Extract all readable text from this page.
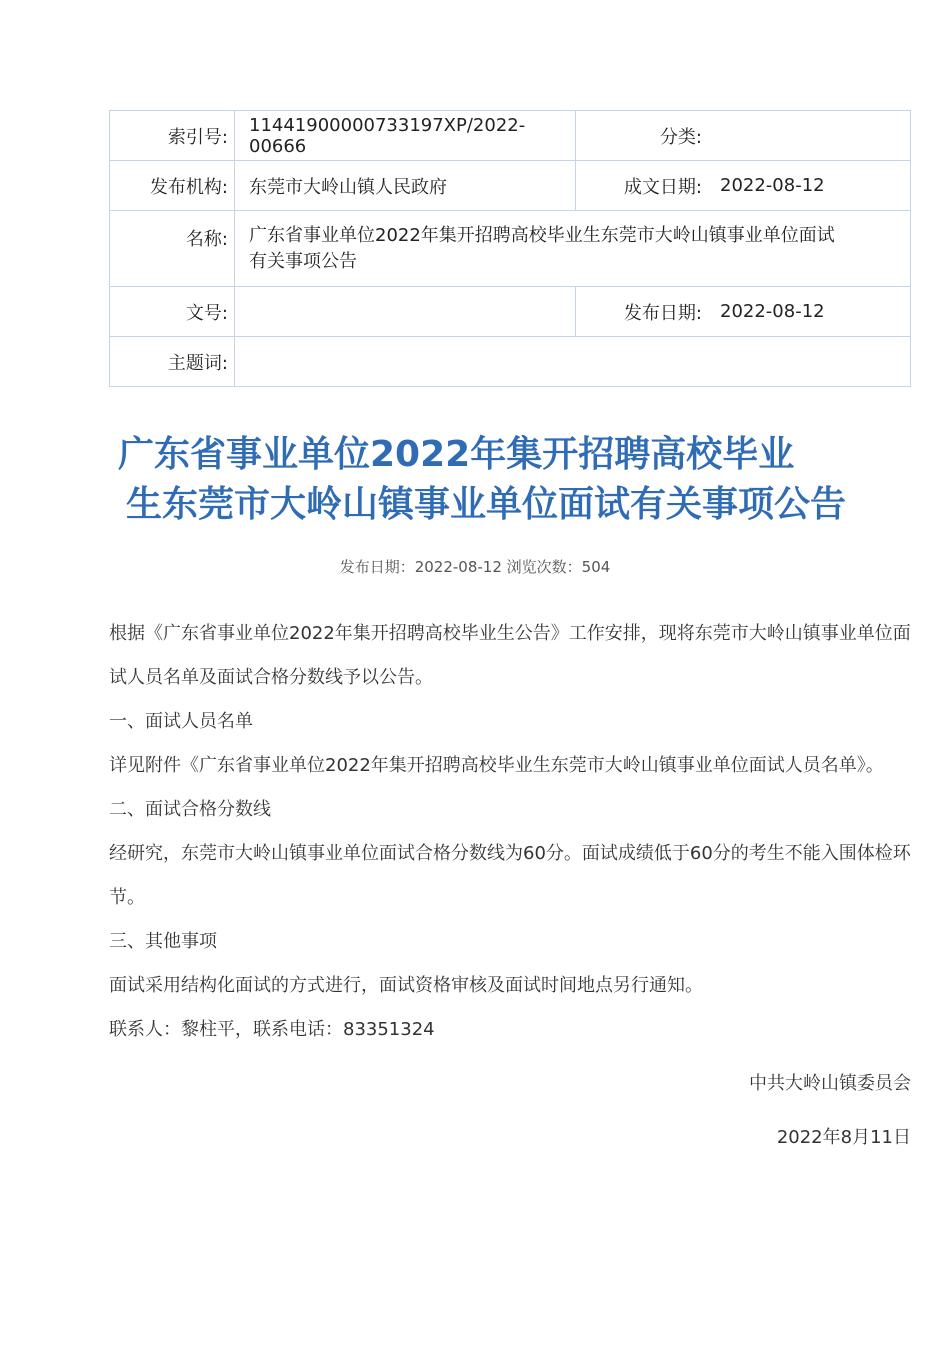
索引号:	11441900000733197XP/2022-00666	分类:	
发布机构:	东莞市大岭山镇人民政府	成文日期:	2022-08-12
名称:	广东省事业单位2022年集开招聘高校毕业生东莞市大岭山镇事业单位面试有关事项公告		
文号:		发布日期:	2022-08-12
主题词:			
广东省事业单位2022年集开招聘高校毕业
生东莞市大岭山镇事业单位面试有关事项公告
发布日期：2022-08-12 浏览次数：504

根据《广东省事业单位2022年集开招聘高校毕业生公告》工作安排，现将东莞市大岭山镇事业单位面试人员名单及面试合格分数线予以公告。

一、面试人员名单

详见附件《广东省事业单位2022年集开招聘高校毕业生东莞市大岭山镇事业单位面试人员名单》。

二、面试合格分数线

经研究，东莞市大岭山镇事业单位面试合格分数线为60分。面试成绩低于60分的考生不能入围体检环节。

三、其他事项

面试采用结构化面试的方式进行，面试资格审核及面试时间地点另行通知。

联系人：黎柱平，联系电话：83351324

中共大岭山镇委员会

2022年8月11日
